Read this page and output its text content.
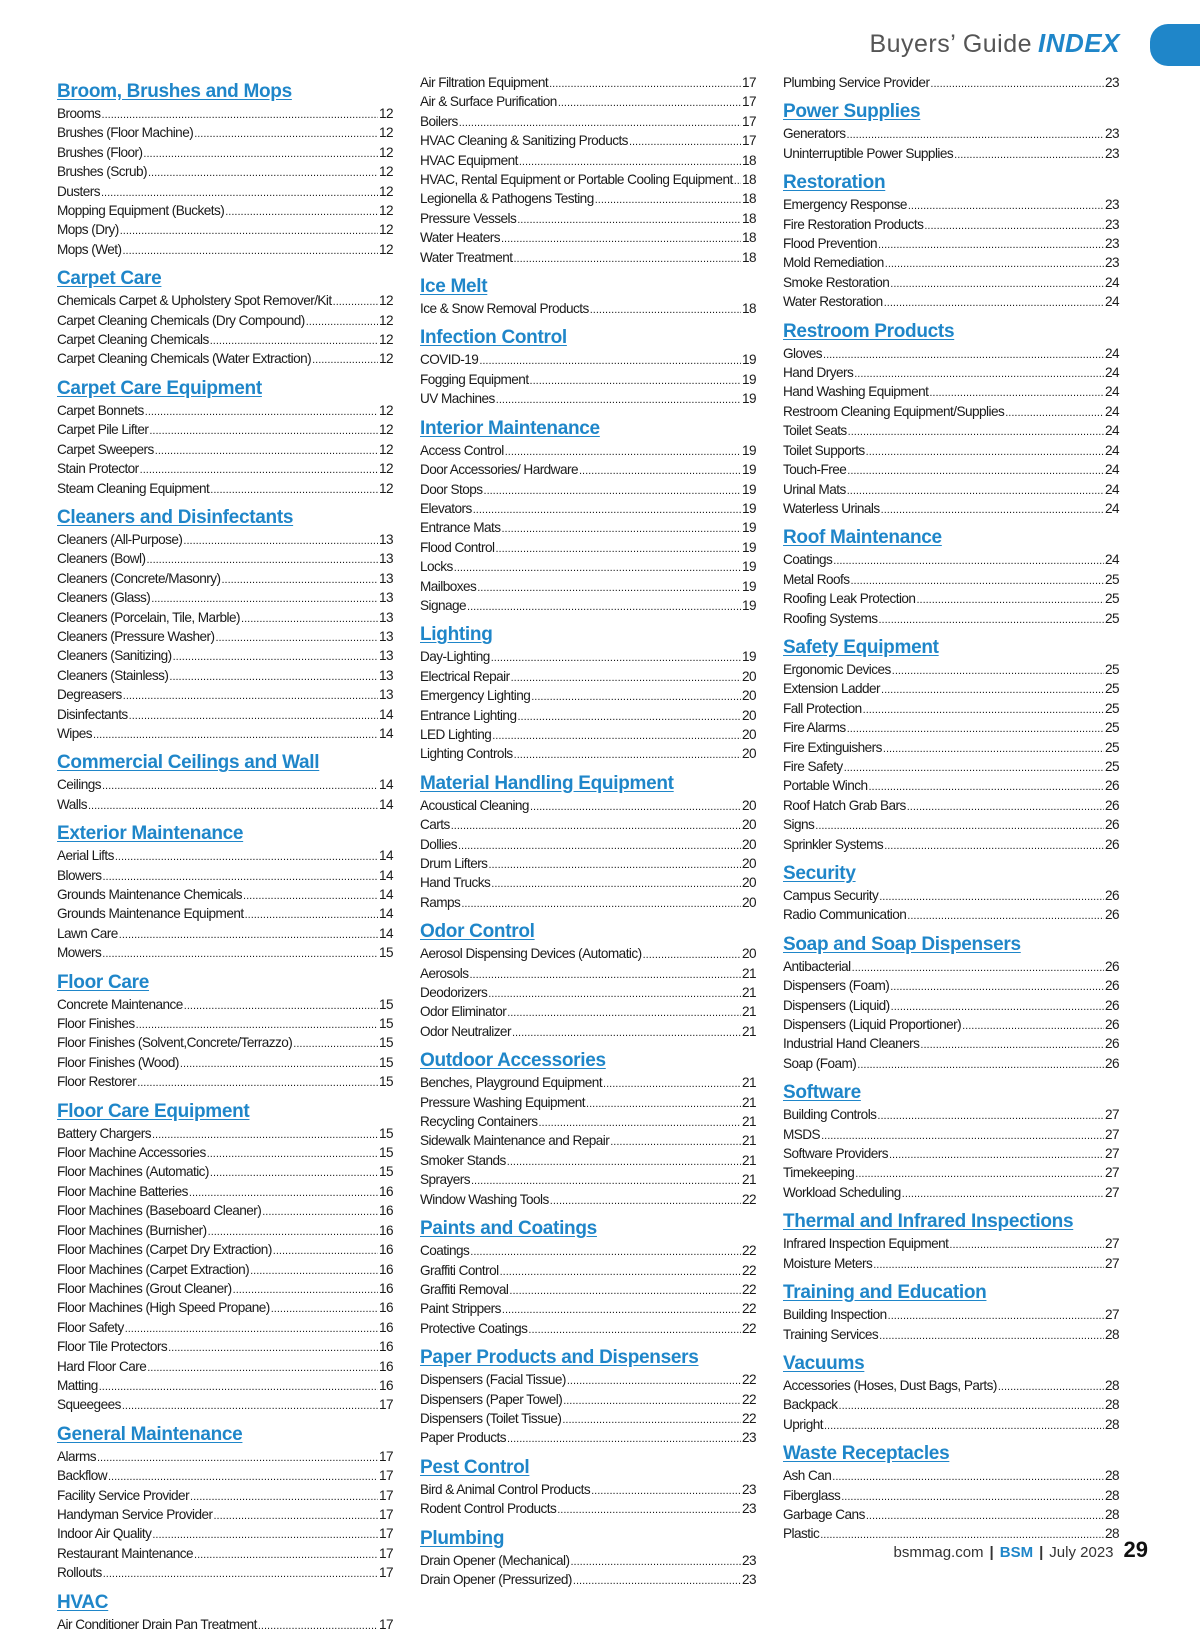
Buyers’ Guide INDEX
Broom, Brushes and Mops
Brooms .....	12
Brushes (Floor Machine) .....	12
Brushes (Floor) .....	12
Brushes (Scrub) .....	12
Dusters .....	12
Mopping Equipment (Buckets) .....	12
Mops (Dry) .....	12
Mops (Wet) .....	12
Carpet Care
Chemicals Carpet & Upholstery Spot Remover/Kit .....	12
Carpet Cleaning Chemicals (Dry Compound) .....	12
Carpet Cleaning Chemicals .....	12
Carpet Cleaning Chemicals (Water Extraction) .....	12
Carpet Care Equipment
Carpet Bonnets .....	12
Carpet Pile Lifter .....	12
Carpet Sweepers .....	12
Stain Protector .....	12
Steam Cleaning Equipment .....	12
Cleaners and Disinfectants
Cleaners (All-Purpose) .....	13
Cleaners (Bowl) .....	13
Cleaners (Concrete/Masonry) .....	13
Cleaners (Glass) .....	13
Cleaners (Porcelain, Tile, Marble) .....	13
Cleaners (Pressure Washer) .....	13
Cleaners (Sanitizing) .....	13
Cleaners (Stainless) .....	13
Degreasers .....	13
Disinfectants .....	14
Wipes .....	14
Commercial Ceilings and Wall
Ceilings .....	14
Walls .....	14
Exterior Maintenance
Aerial Lifts .....	14
Blowers .....	14
Grounds Maintenance Chemicals .....	14
Grounds Maintenance Equipment .....	14
Lawn Care .....	14
Mowers .....	15
Floor Care
Concrete Maintenance .....	15
Floor Finishes .....	15
Floor Finishes (Solvent,Concrete/Terrazzo) .....	15
Floor Finishes (Wood) .....	15
Floor Restorer .....	15
Floor Care Equipment
Battery Chargers .....	15
Floor Machine Accessories .....	15
Floor Machines (Automatic) .....	15
Floor Machine Batteries .....	16
Floor Machines (Baseboard Cleaner) .....	16
Floor Machines (Burnisher) .....	16
Floor Machines (Carpet Dry Extraction) .....	16
Floor Machines (Carpet Extraction) .....	16
Floor Machines (Grout Cleaner) .....	16
Floor Machines (High Speed Propane) .....	16
Floor Safety .....	16
Floor Tile Protectors .....	16
Hard Floor Care .....	16
Matting .....	16
Squeegees .....	17
General Maintenance
Alarms .....	17
Backflow .....	17
Facility Service Provider .....	17
Handyman Service Provider .....	17
Indoor Air Quality .....	17
Restaurant Maintenance .....	17
Rollouts .....	17
HVAC
Air Conditioner Drain Pan Treatment .....	17
Air Filtration Equipment .....	17
Air & Surface Purification .....	17
Boilers .....	17
HVAC Cleaning & Sanitizing Products .....	17
HVAC Equipment .....	18
HVAC, Rental Equipment or Portable Cooling Equipment ..... 18
Legionella & Pathogens Testing .....	18
Pressure Vessels .....	18
Water Heaters .....	18
Water Treatment .....	18
Ice Melt
Ice & Snow Removal Products .....	18
Infection Control
COVID-19 .....	19
Fogging Equipment .....	19
UV Machines .....	19
Interior Maintenance
Access Control .....	19
Door Accessories/ Hardware .....	19
Door Stops .....	19
Elevators .....	19
Entrance Mats .....	19
Flood Control .....	19
Locks .....	19
Mailboxes .....	19
Signage .....	19
Lighting
Day-Lighting .....	19
Electrical Repair .....	20
Emergency Lighting .....	20
Entrance Lighting .....	20
LED Lighting .....	20
Lighting Controls .....	20
Material Handling Equipment
Acoustical Cleaning .....	20
Carts .....	20
Dollies .....	20
Drum Lifters .....	20
Hand Trucks .....	20
Ramps .....	20
Odor Control
Aerosol Dispensing Devices (Automatic) .....	20
Aerosols .....	21
Deodorizers .....	21
Odor Eliminator .....	21
Odor Neutralizer .....	21
Outdoor Accessories
Benches, Playground Equipment .....	21
Pressure Washing Equipment .....	21
Recycling Containers .....	21
Sidewalk Maintenance and Repair .....	21
Smoker Stands .....	21
Sprayers .....	21
Window Washing Tools .....	22
Paints and Coatings
Coatings .....	22
Graffiti Control .....	22
Graffiti Removal .....	22
Paint Strippers .....	22
Protective Coatings .....	22
Paper Products and Dispensers
Dispensers (Facial Tissue) .....	22
Dispensers (Paper Towel) .....	22
Dispensers (Toilet Tissue) .....	22
Paper Products .....	23
Pest Control
Bird & Animal Control Products .....	23
Rodent Control Products .....	23
Plumbing
Drain Opener (Mechanical) .....	23
Drain Opener (Pressurized) .....	23
Plumbing Service Provider .....	23
Power Supplies
Generators .....	23
Uninterruptible Power Supplies .....	23
Restoration
Emergency Response .....	23
Fire Restoration Products .....	23
Flood Prevention .....	23
Mold Remediation .....	23
Smoke Restoration .....	24
Water Restoration .....	24
Restroom Products
Gloves .....	24
Hand Dryers .....	24
Hand Washing Equipment .....	24
Restroom Cleaning Equipment/Supplies .....	24
Toilet Seats .....	24
Toilet Supports .....	24
Touch-Free .....	24
Urinal Mats .....	24
Waterless Urinals .....	24
Roof Maintenance
Coatings .....	24
Metal Roofs .....	25
Roofing Leak Protection .....	25
Roofing Systems .....	25
Safety Equipment
Ergonomic Devices .....	25
Extension Ladder .....	25
Fall Protection .....	25
Fire Alarms .....	25
Fire Extinguishers .....	25
Fire Safety .....	25
Portable Winch .....	26
Roof Hatch Grab Bars .....	26
Signs .....	26
Sprinkler Systems .....	26
Security
Campus Security .....	26
Radio Communication .....	26
Soap and Soap Dispensers
Antibacterial .....	26
Dispensers (Foam) .....	26
Dispensers (Liquid) .....	26
Dispensers (Liquid Proportioner) .....	26
Industrial Hand Cleaners .....	26
Soap (Foam) .....	26
Software
Building Controls .....	27
MSDS .....	27
Software Providers .....	27
Timekeeping .....	27
Workload Scheduling .....	27
Thermal and Infrared Inspections
Infrared Inspection Equipment .....	27
Moisture Meters .....	27
Training and Education
Building Inspection .....	27
Training Services .....	28
Vacuums
Accessories (Hoses, Dust Bags, Parts) .....	28
Backpack .....	28
Upright .....	28
Waste Receptacles
Ash Can .....	28
Fiberglass .....	28
Garbage Cans .....	28
Plastic .....	28
bsmmag.com | BSM | July 2023 29
